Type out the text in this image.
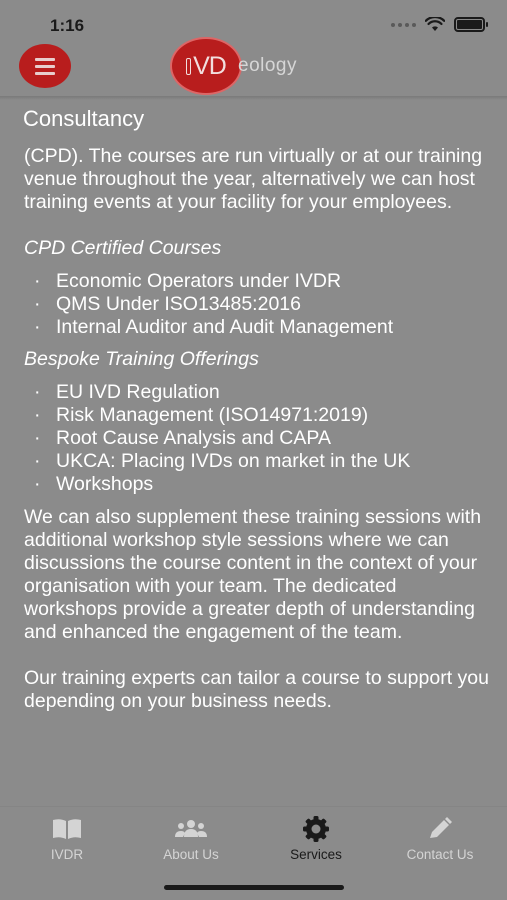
1:16
VD eology
Consultancy

(CPD). The courses are run virtually or at our training venue throughout the year, alternatively we can host training events at your facility for your employees.

CPD Certified Courses

· Economic Operators under IVDR
· QMS Under ISO13485:2016
· Internal Auditor and Audit Management

Bespoke Training Offerings

· EU IVD Regulation
· Risk Management (ISO14971:2019)
· Root Cause Analysis and CAPA
· UKCA: Placing IVDs on market in the UK
· Workshops

We can also supplement these training sessions with additional workshop style sessions where we can discussions the course content in the context of your organisation with your team. The dedicated workshops provide a greater depth of understanding and enhanced the engagement of the team.

Our training experts can tailor a course to support you depending on your business needs.

IVDR	About Us	Services	Contact Us
